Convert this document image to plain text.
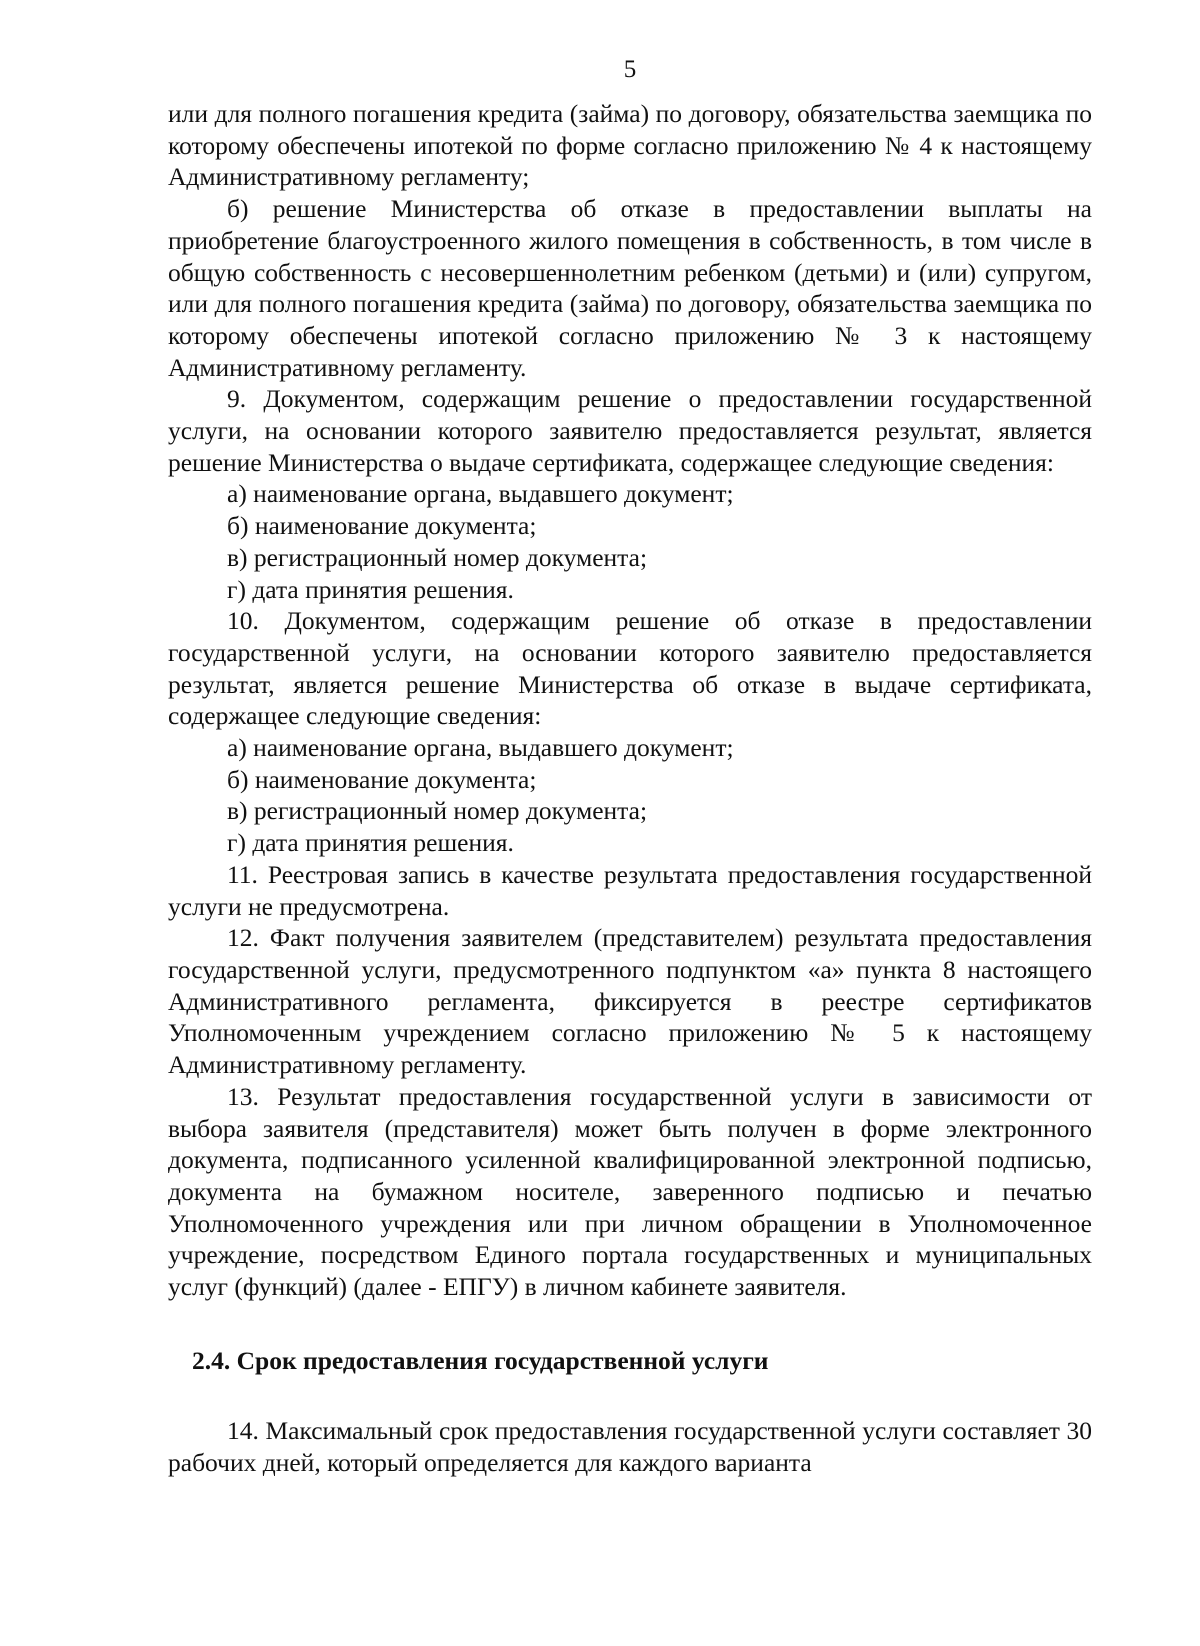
5

или для полного погашения кредита (займа) по договору, обязательства заемщика по которому обеспечены ипотекой по форме согласно приложению № 4 к настоящему Административному регламенту;

б) решение Министерства об отказе в предоставлении выплаты на приобретение благоустроенного жилого помещения в собственность, в том числе в общую собственность с несовершеннолетним ребенком (детьми) и (или) супругом, или для полного погашения кредита (займа) по договору, обязательства заемщика по которому обеспечены ипотекой согласно приложению № 3 к настоящему Административному регламенту.

9. Документом, содержащим решение о предоставлении государственной услуги, на основании которого заявителю предоставляется результат, является решение Министерства о выдаче сертификата, содержащее следующие сведения:

а) наименование органа, выдавшего документ;

б) наименование документа;

в) регистрационный номер документа;

г) дата принятия решения.

10. Документом, содержащим решение об отказе в предоставлении государственной услуги, на основании которого заявителю предоставляется результат, является решение Министерства об отказе в выдаче сертификата, содержащее следующие сведения:

а) наименование органа, выдавшего документ;

б) наименование документа;

в) регистрационный номер документа;

г) дата принятия решения.

11. Реестровая запись в качестве результата предоставления государственной услуги не предусмотрена.

12. Факт получения заявителем (представителем) результата предоставления государственной услуги, предусмотренного подпунктом «а» пункта 8 настоящего Административного регламента, фиксируется в реестре сертификатов Уполномоченным учреждением согласно приложению № 5 к настоящему Административному регламенту.

13. Результат предоставления государственной услуги в зависимости от выбора заявителя (представителя) может быть получен в форме электронного документа, подписанного усиленной квалифицированной электронной подписью, документа на бумажном носителе, заверенного подписью и печатью Уполномоченного учреждения или при личном обращении в Уполномоченное учреждение, посредством Единого портала государственных и муниципальных услуг (функций) (далее - ЕПГУ) в личном кабинете заявителя.

2.4. Срок предоставления государственной услуги

14. Максимальный срок предоставления государственной услуги составляет 30 рабочих дней, который определяется для каждого варианта
